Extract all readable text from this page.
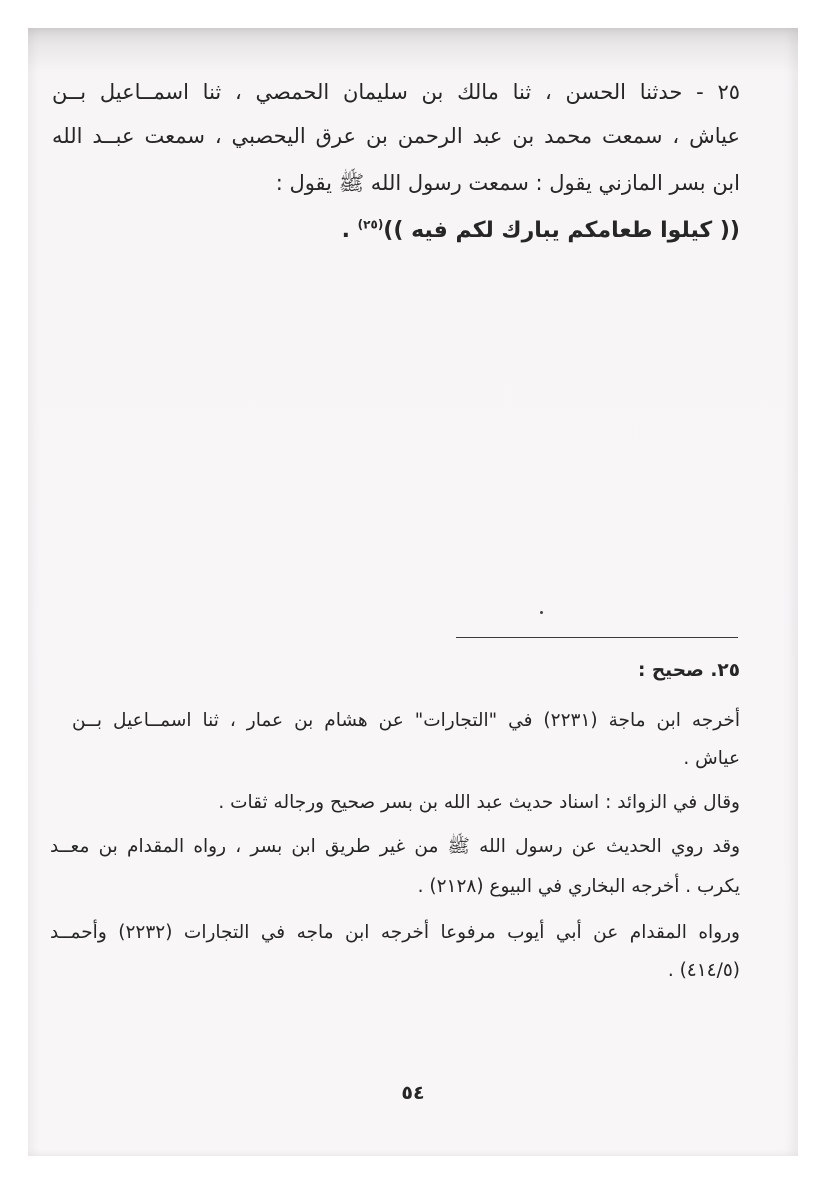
٢٥ - حدثنا الحسن ، ثنا مالك بن سليمان الحمصي ، ثنا اسمــاعيل بــن
عياش ، سمعت محمد بن عبد الرحمن بن عرق اليحصبي ، سمعت عبــد الله
ابن بسر المازني يقول : سمعت رسول الله ﷺ يقول :
(( كيلوا طعامكم يبارك لكم فيه ))$^{(٢٥)}$ .
٢٥. صحيح :
أخرجه ابن ماجة (٢٢٣١) في "التجارات" عن هشام بن عمار ، ثنا اسمــاعيل بــن
عياش .
وقال في الزوائد : اسناد حديث عبد الله بن بسر صحيح ورجاله ثقات .
وقد روي الحديث عن رسول الله ﷺ من غير طريق ابن بسر ، رواه المقدام بن معــد
يكرب . أخرجه البخاري في البيوع (٢١٢٨) .
ورواه المقدام عن أبي أيوب مرفوعا أخرجه ابن ماجه في التجارات (٢٢٣٢) وأحمــد
(٤١٤/٥) .
٥٤
